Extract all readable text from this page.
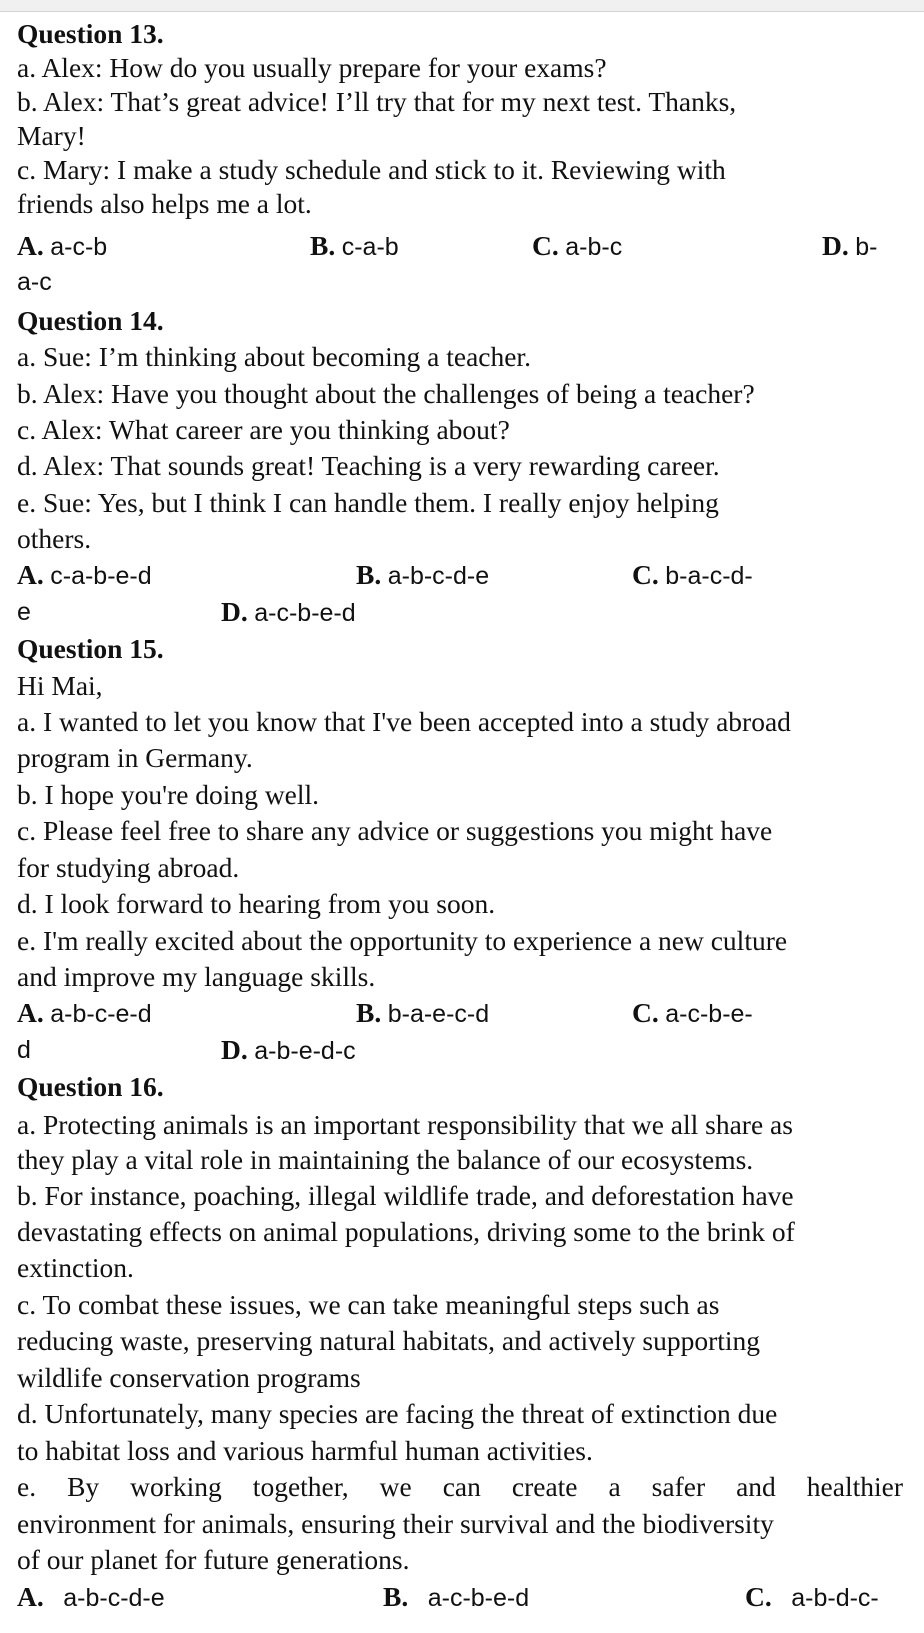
Question 13.
a. Alex: How do you usually prepare for your exams?
b. Alex: That’s great advice! I’ll try that for my next test. Thanks,
Mary!
c. Mary: I make a study schedule and stick to it. Reviewing with
friends also helps me a lot.
A. a-c-b	B. c-a-b	C. a-b-c	D. b-
a-c
Question 14.
a. Sue: I’m thinking about becoming a teacher.
b. Alex: Have you thought about the challenges of being a teacher?
c. Alex: What career are you thinking about?
d. Alex: That sounds great! Teaching is a very rewarding career.
e. Sue: Yes, but I think I can handle them. I really enjoy helping
others.
A. c-a-b-e-d	B. a-b-c-d-e	C. b-a-c-d-
e	D. a-c-b-e-d
Question 15.
Hi Mai,
a. I wanted to let you know that I've been accepted into a study abroad
program in Germany.
b. I hope you're doing well.
c. Please feel free to share any advice or suggestions you might have
for studying abroad.
d. I look forward to hearing from you soon.
e. I'm really excited about the opportunity to experience a new culture
and improve my language skills.
A. a-b-c-e-d	B. b-a-e-c-d	C. a-c-b-e-
d	D. a-b-e-d-c
Question 16.
a. Protecting animals is an important responsibility that we all share as
they play a vital role in maintaining the balance of our ecosystems.
b. For instance, poaching, illegal wildlife trade, and deforestation have
devastating effects on animal populations, driving some to the brink of
extinction.
c. To combat these issues, we can take meaningful steps such as
reducing waste, preserving natural habitats, and actively supporting
wildlife conservation programs
d. Unfortunately, many species are facing the threat of extinction due
to habitat loss and various harmful human activities.
e. By working together, we can create a safer and healthier
environment for animals, ensuring their survival and the biodiversity
of our planet for future generations.
A. a-b-c-d-e	B. a-c-b-e-d	C. a-b-d-c-
